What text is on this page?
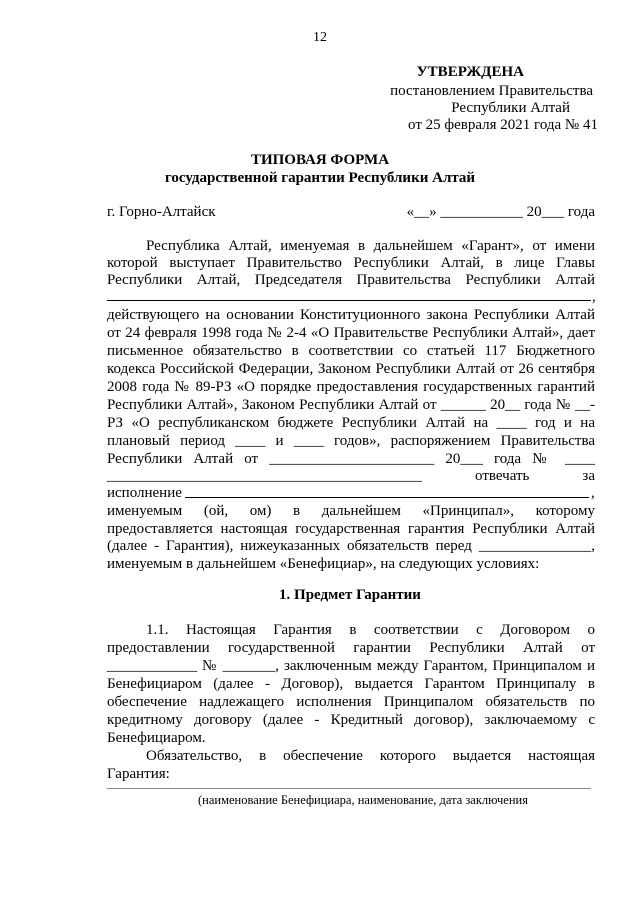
12
УТВЕРЖДЕНА
постановлением Правительства
Республики Алтай
от 25 февраля 2021 года № 41
ТИПОВАЯ ФОРМА
государственной гарантии Республики Алтай
г. Горно-Алтайск	«__» ___________ 20___ года
Республика Алтай, именуемая в дальнейшем «Гарант», от имени
которой выступает Правительство Республики Алтай, в лице Главы
Республики Алтай, Председателя Правительства Республики Алтай
,
действующего на основании Конституционного закона Республики Алтай
от 24 февраля 1998 года № 2-4 «О Правительстве Республики Алтай», дает
письменное обязательство в соответствии со статьей 117 Бюджетного
кодекса Российской Федерации, Законом Республики Алтай от 26 сентября
2008 года № 89-РЗ «О порядке предоставления государственных гарантий
Республики Алтай», Законом Республики Алтай от ______ 20__ года № __-
РЗ «О республиканском бюджете Республики Алтай на ____ год и на
плановый период ____ и ____ годов», распоряжением Правительства
Республики Алтай от ______________________ 20___ года № ____
__________________________________________ отвечать за
исполнение	,
именуемым (ой, ом) в дальнейшем «Принципал», которому
предоставляется настоящая государственная гарантия Республики Алтай
(далее - Гарантия), нижеуказанных обязательств перед _______________,
именуемым в дальнейшем «Бенефициар», на следующих условиях:
1. Предмет Гарантии
1.1. Настоящая Гарантия в соответствии с Договором о
предоставлении государственной гарантии Республики Алтай от
____________ № _______, заключенным между Гарантом, Принципалом и
Бенефициаром (далее - Договор), выдается Гарантом Принципалу в
обеспечение надлежащего исполнения Принципалом обязательств по
кредитному договору (далее - Кредитный договор), заключаемому с
Бенефициаром.
Обязательство, в обеспечение которого выдается настоящая
Гарантия:
(наименование Бенефициара, наименование, дата заключения
